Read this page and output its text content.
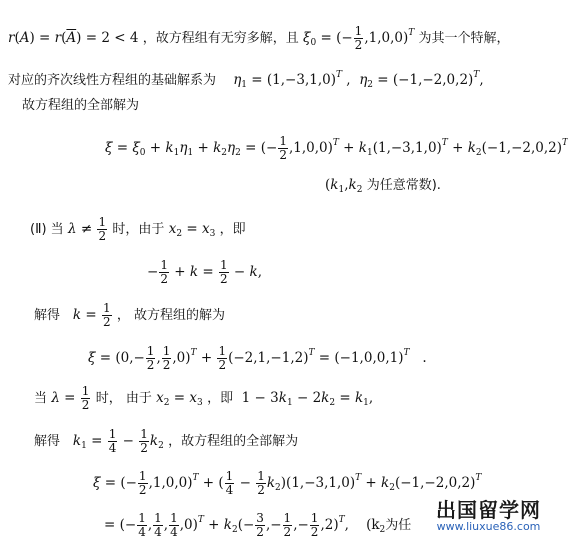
$r(A) = r(\overline{A}) = 2 < 4$ ，故方程组有无穷多解，且 $\xi_0$ = (− $\frac{1}{2} ,1,0,0)^T$ 为其一个特解，
对应的齐次线性方程组的基础解系为 $\eta_1 = (1,-3,1,0)^T$ ,  $\eta_2 = (-1,-2,0,2)^T$,
故方程组的全部解为
$\xi = \xi_0 + k_1\eta_1 + k_2\eta_2$ = (− $\frac{1}{2} ,1,0,0)^T + k_1(1,-3,1,0)^T + k_2(-1,-2,0,2)^T$
($k_1,k_2$ 为任意常数).
(Ⅱ) 当 $\lambda \ne \frac{1}{2}$ 时，由于 $x_2 = x_3$ ，即
− $\frac{1}{2} + k = \frac{1}{2} - k$,
解得 $k = \frac{1}{2}$ ， 故方程组的解为
$\xi = (0,- \frac{1}{2}$ , $\frac{1}{2} ,0)^T + \frac{1}{2} (-2,1,-1,2)^T = (-1,0,0,1)^T$   .
当 $\lambda = \frac{1}{2}$ 时， 由于 $x_2 = x_3$ ，即  $1 - 3k_1 - 2k_2 = k_1$,
解得 $k_1 = \frac{1}{4} - \frac{1}{2} k_2$ ，故方程组的全部解为
ξ = (− $\frac{1}{2} ,1,0,0)^T$ + ( $\frac{1}{4} - \frac{1}{2} k_2)(1,-3,1,0)^T + k_2(-1,-2,0,2)^T$
= (− $\frac{1}{4}$ , $\frac{1}{4}$ , $\frac{1}{4} ,0)^T + k_2(- \frac{3}{2}$ ,− $\frac{1}{2}$ ,− $\frac{1}{2} ,2)^T$,    ($k_2$为任
出国留学网
www.liuxue86.com
